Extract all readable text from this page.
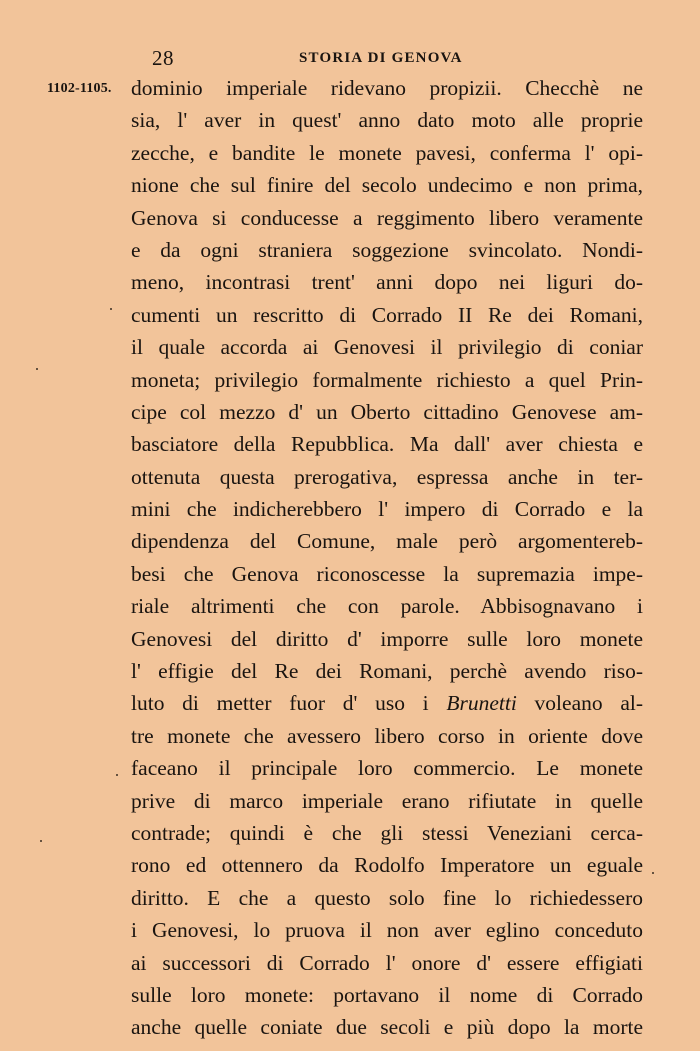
28	STORIA DI GENOVA
1102-1105. dominio imperiale ridevano propizii. Checchè ne
sia, l' aver in quest' anno dato moto alle proprie
zecche, e bandite le monete pavesi, conferma l' opi-
nione che sul finire del secolo undecimo e non prima,
Genova si conducesse a reggimento libero veramente
e da ogni straniera soggezione svincolato. Nondi-
meno, incontrasi trent' anni dopo nei liguri do-
cumenti un rescritto di Corrado II Re dei Romani,
il quale accorda ai Genovesi il privilegio di coniar
moneta; privilegio formalmente richiesto a quel Prin-
cipe col mezzo d' un Oberto cittadino Genovese am-
basciatore della Repubblica. Ma dall' aver chiesta e
ottenuta questa prerogativa, espressa anche in ter-
mini che indicherebbero l' impero di Corrado e la
dipendenza del Comune, male però argomentereb-
besi che Genova riconoscesse la supremazia impe-
riale altrimenti che con parole. Abbisognavano i
Genovesi del diritto d' imporre sulle loro monete
l' effigie del Re dei Romani, perchè avendo riso-
luto di metter fuor d' uso i Brunetti voleano al-
tre monete che avessero libero corso in oriente dove
faceano il principale loro commercio. Le monete
prive di marco imperiale erano rifiutate in quelle
contrade; quindi è che gli stessi Veneziani cerca-
rono ed ottennero da Rodolfo Imperatore un eguale
diritto. E che a questo solo fine lo richiedessero
i Genovesi, lo pruova il non aver eglino conceduto
ai successori di Corrado l' onore d' essere effigiati
sulle loro monete: portavano il nome di Corrado
anche quelle coniate due secoli e più dopo la morte
